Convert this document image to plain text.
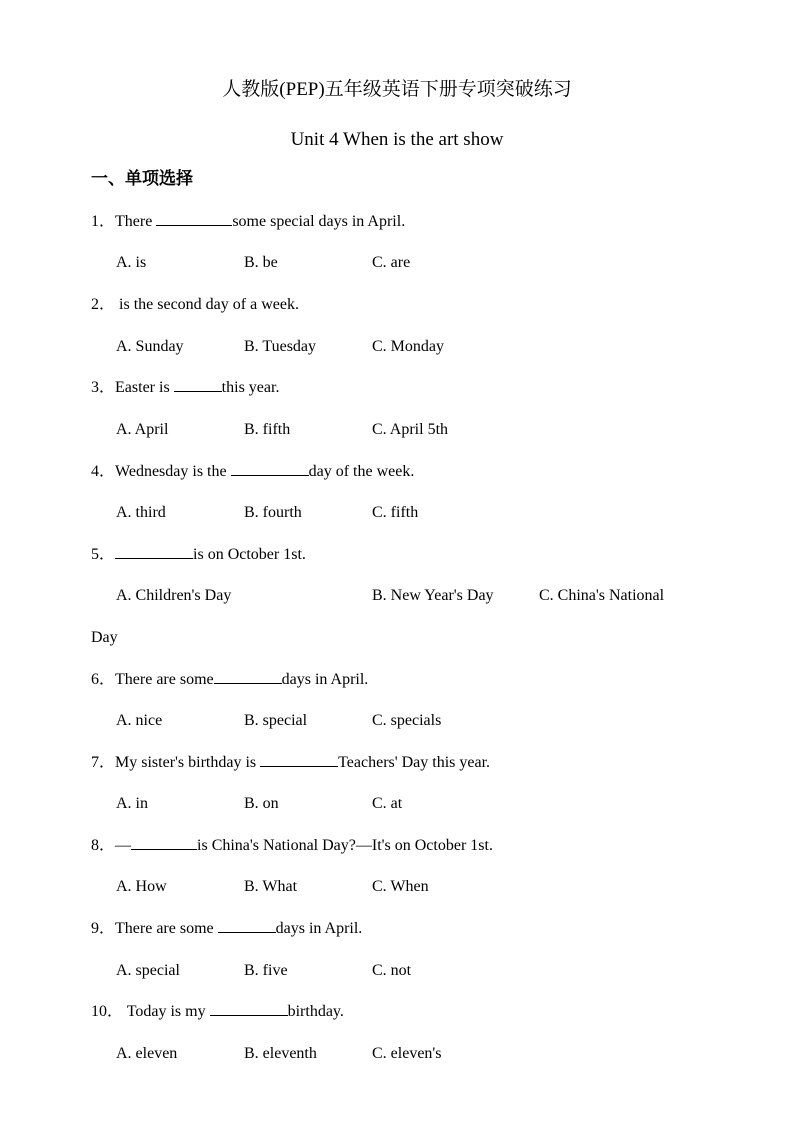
人教版(PEP)五年级英语下册专项突破练习
Unit 4 When is the art show
一、单项选择
1．There	some special days in April.
A. is	B. be	C. are
2． is the second day of a week.
A. Sunday	B. Tuesday	C. Monday
3．Easter is	this year.
A. April	B. fifth	C. April 5th
4．Wednesday is the	day of the week.
A. third	B. fourth	C. fifth
5．	is on October 1st.
A. Children's Day	B. New Year's Day	C. China's National
Day
6．There are some	days in April.
A. nice	B. special	C. specials
7．My sister's birthday is	Teachers' Day this year.
A. in	B. on	C. at
8．—	is China's National Day?—It's on October 1st.
A. How	B. What	C. When
9．There are some	days in April.
A. special	B. five	C. not
10． Today is my	birthday.
A. eleven	B. eleventh	C. eleven's
